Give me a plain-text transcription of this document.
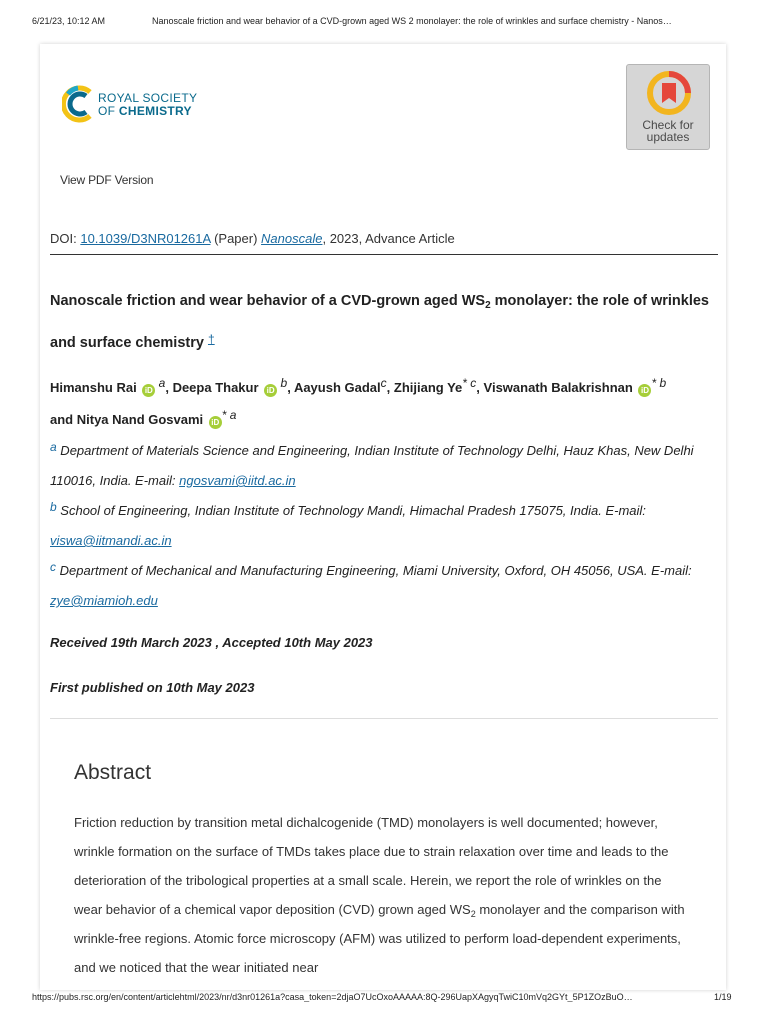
6/21/23, 10:12 AM	Nanoscale friction and wear behavior of a CVD-grown aged WS 2 monolayer: the role of wrinkles and surface chemistry - Nanos…
ROYAL SOCIETY
OF CHEMISTRY
Check for
updates
View PDF Version
DOI: 10.1039/D3NR01261A (Paper) Nanoscale, 2023, Advance Article
Nanoscale friction and wear behavior of a CVD-grown aged $WS_2$ monolayer: the role of wrinkles and surface chemistry †
Himanshu Rai iD $^a$, Deepa Thakur iD $^b$, Aayush Gadal$^c$, Zhijiang Ye$^{* c}$, Viswanath Balakrishnan $iD^{* b}$
and Nitya Nand Gosvami $iD^{* a}$
$^a$ Department of Materials Science and Engineering, Indian Institute of Technology Delhi, Hauz Khas, New Delhi 110016, India. E-mail: ngosvami@iitd.ac.in
$^b$ School of Engineering, Indian Institute of Technology Mandi, Himachal Pradesh 175075, India. E-mail: viswa@iitmandi.ac.in
$^c$ Department of Mechanical and Manufacturing Engineering, Miami University, Oxford, OH 45056, USA. E-mail: zye@miamioh.edu
Received 19th March 2023 , Accepted 10th May 2023
First published on 10th May 2023
Abstract

Friction reduction by transition metal dichalcogenide (TMD) monolayers is well documented; however, wrinkle formation on the surface of TMDs takes place due to strain relaxation over time and leads to the deterioration of the tribological properties at a small scale. Herein, we report the role of wrinkles on the wear behavior of a chemical vapor deposition (CVD) grown aged $WS_2$ monolayer and the comparison with wrinkle-free regions. Atomic force microscopy (AFM) was utilized to perform load-dependent experiments, and we noticed that the wear initiated near

https://pubs.rsc.org/en/content/articlehtml/2023/nr/d3nr01261a?casa_token=2djaO7UcOxoAAAAA:8Q-296UapXAgyqTwiC10mVq2GYt_5P1ZOzBuO…	1/19
